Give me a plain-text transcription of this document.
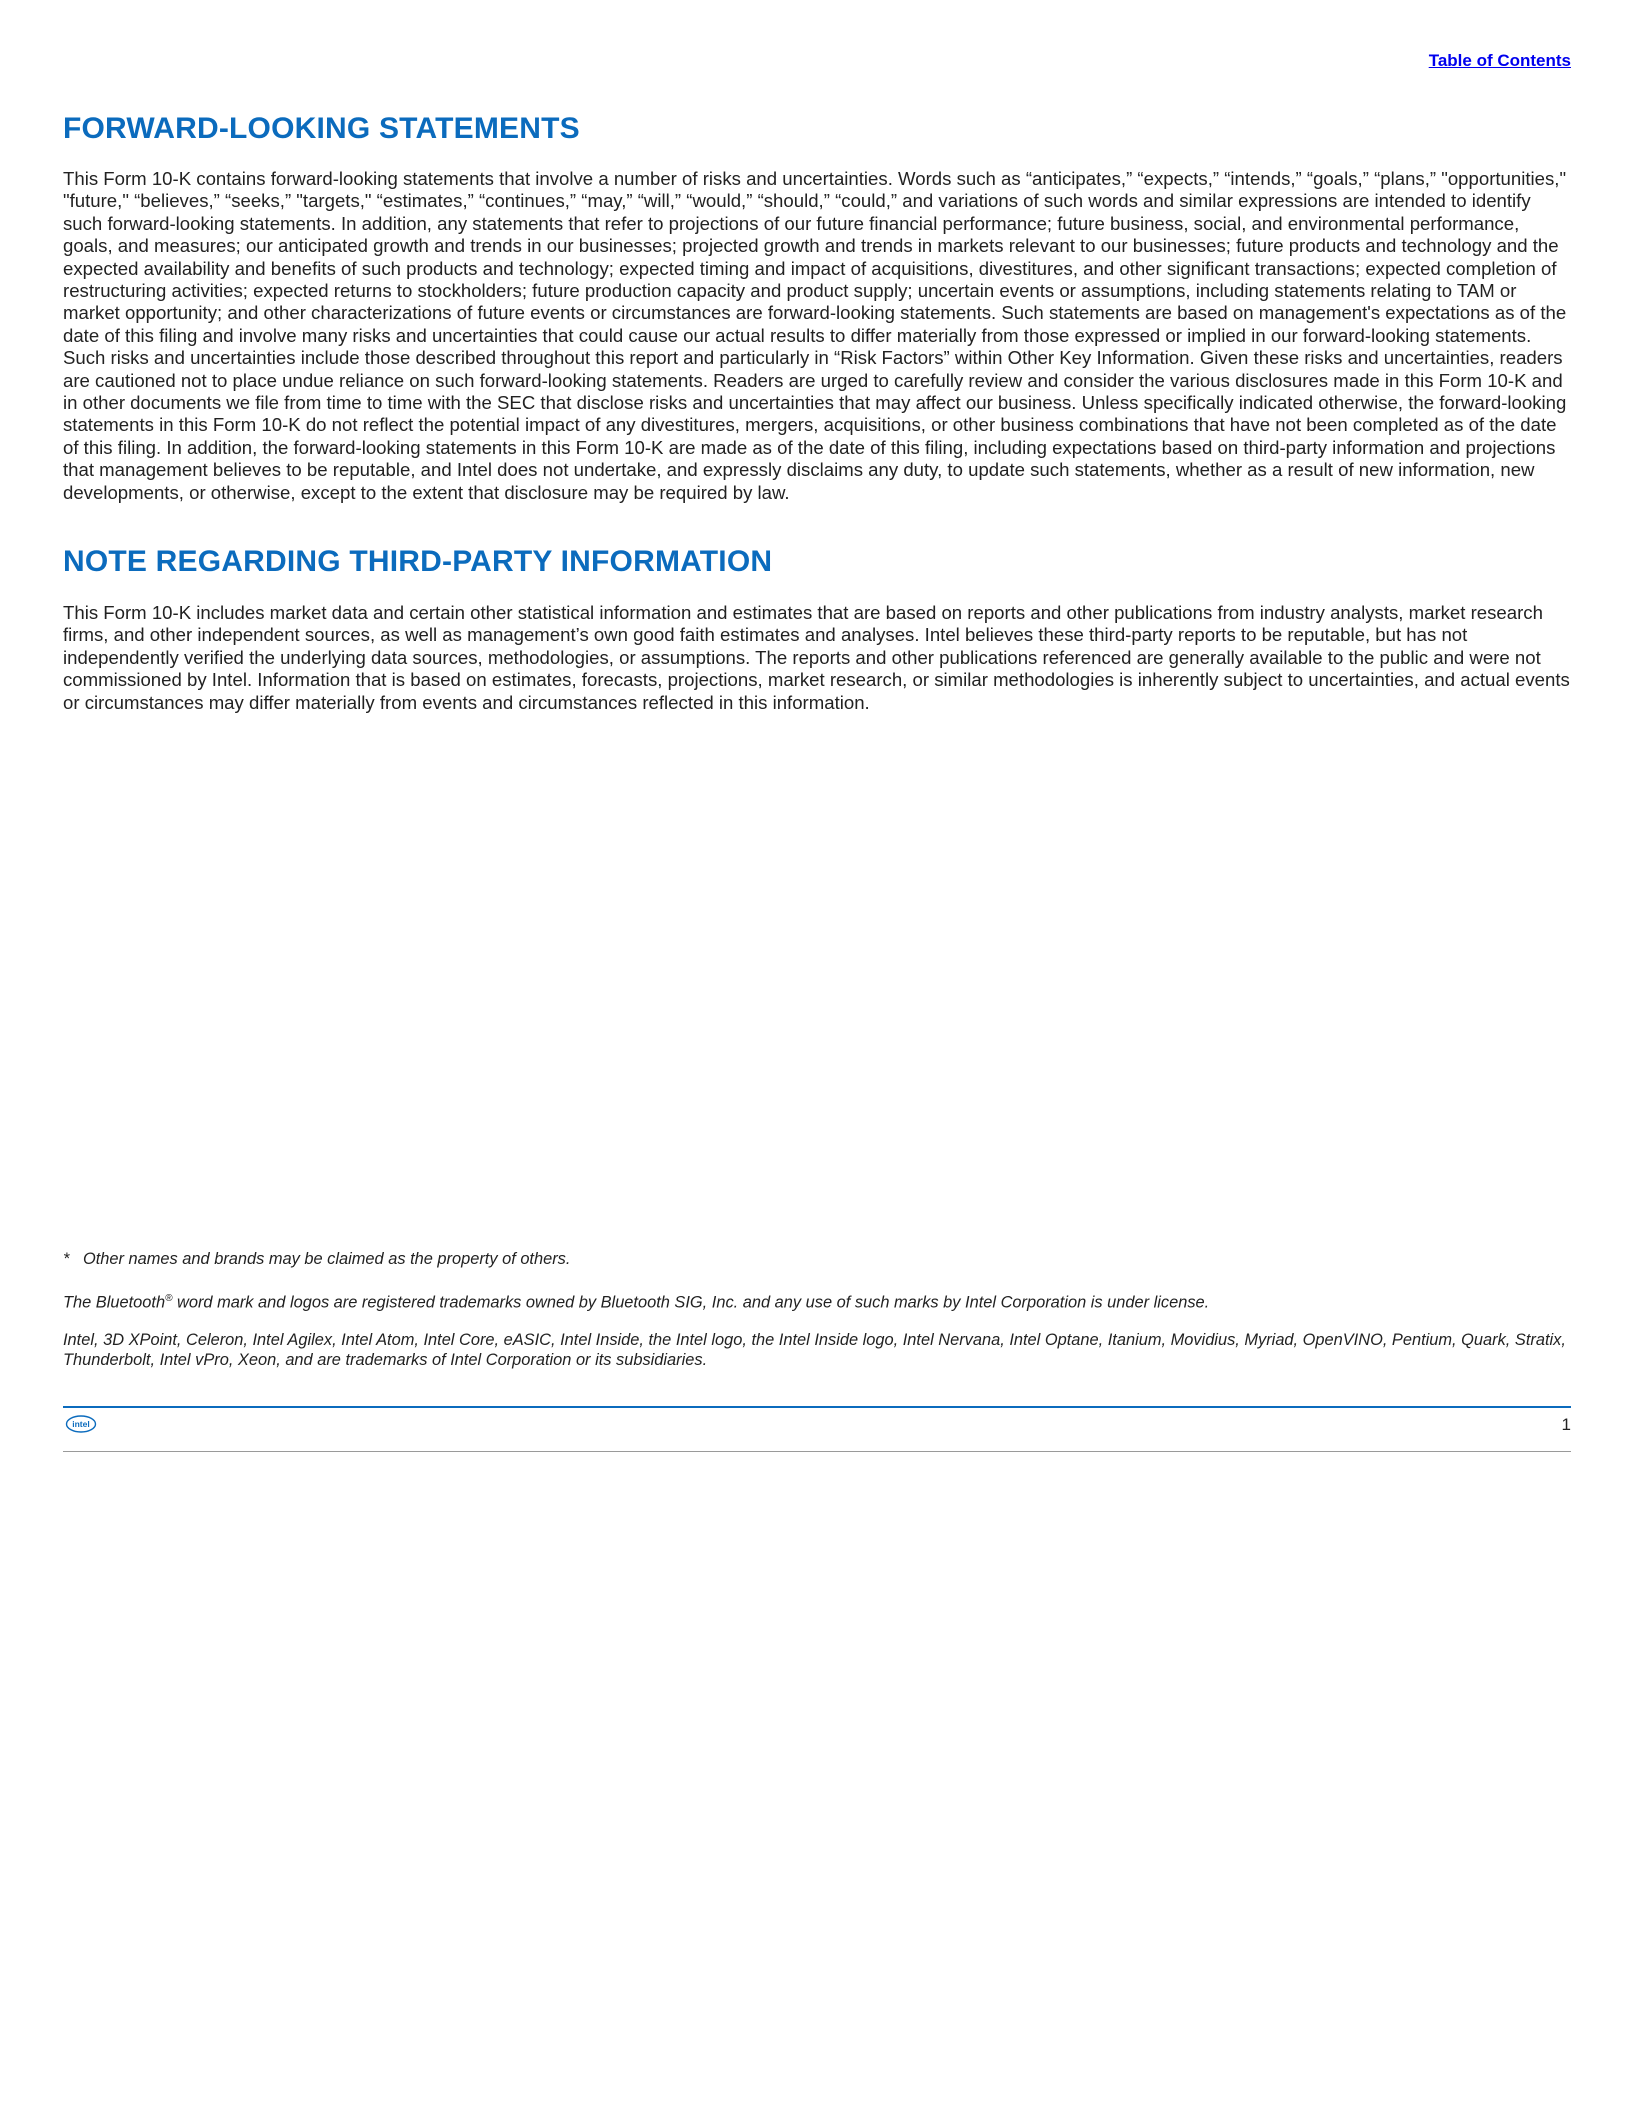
Table of Contents
FORWARD-LOOKING STATEMENTS

This Form 10-K contains forward-looking statements that involve a number of risks and uncertainties. Words such as “anticipates,” “expects,” “intends,” “goals,” “plans,” "opportunities," "future," “believes,” “seeks,” "targets," “estimates,” “continues,” “may,” “will,” “would,” “should,” “could,” and variations of such words and similar expressions are intended to identify such forward-looking statements. In addition, any statements that refer to projections of our future financial performance; future business, social, and environmental performance, goals, and measures; our anticipated growth and trends in our businesses; projected growth and trends in markets relevant to our businesses; future products and technology and the expected availability and benefits of such products and technology; expected timing and impact of acquisitions, divestitures, and other significant transactions; expected completion of restructuring activities; expected returns to stockholders; future production capacity and product supply; uncertain events or assumptions, including statements relating to TAM or market opportunity; and other characterizations of future events or circumstances are forward-looking statements. Such statements are based on management's expectations as of the date of this filing and involve many risks and uncertainties that could cause our actual results to differ materially from those expressed or implied in our forward-looking statements. Such risks and uncertainties include those described throughout this report and particularly in “Risk Factors” within Other Key Information. Given these risks and uncertainties, readers are cautioned not to place undue reliance on such forward-looking statements. Readers are urged to carefully review and consider the various disclosures made in this Form 10-K and in other documents we file from time to time with the SEC that disclose risks and uncertainties that may affect our business. Unless specifically indicated otherwise, the forward-looking statements in this Form 10-K do not reflect the potential impact of any divestitures, mergers, acquisitions, or other business combinations that have not been completed as of the date of this filing. In addition, the forward-looking statements in this Form 10-K are made as of the date of this filing, including expectations based on third-party information and projections that management believes to be reputable, and Intel does not undertake, and expressly disclaims any duty, to update such statements, whether as a result of new information, new developments, or otherwise, except to the extent that disclosure may be required by law.

NOTE REGARDING THIRD-PARTY INFORMATION

This Form 10-K includes market data and certain other statistical information and estimates that are based on reports and other publications from industry analysts, market research firms, and other independent sources, as well as management’s own good faith estimates and analyses. Intel believes these third-party reports to be reputable, but has not independently verified the underlying data sources, methodologies, or assumptions. The reports and other publications referenced are generally available to the public and were not commissioned by Intel. Information that is based on estimates, forecasts, projections, market research, or similar methodologies is inherently subject to uncertainties, and actual events or circumstances may differ materially from events and circumstances reflected in this information.

* Other names and brands may be claimed as the property of others.

The Bluetooth® word mark and logos are registered trademarks owned by Bluetooth SIG, Inc. and any use of such marks by Intel Corporation is under license.

Intel, 3D XPoint, Celeron, Intel Agilex, Intel Atom, Intel Core, eASIC, Intel Inside, the Intel logo, the Intel Inside logo, Intel Nervana, Intel Optane, Itanium, Movidius, Myriad, OpenVINO, Pentium, Quark, Stratix, Thunderbolt, Intel vPro, Xeon, and are trademarks of Intel Corporation or its subsidiaries.

intel	1
